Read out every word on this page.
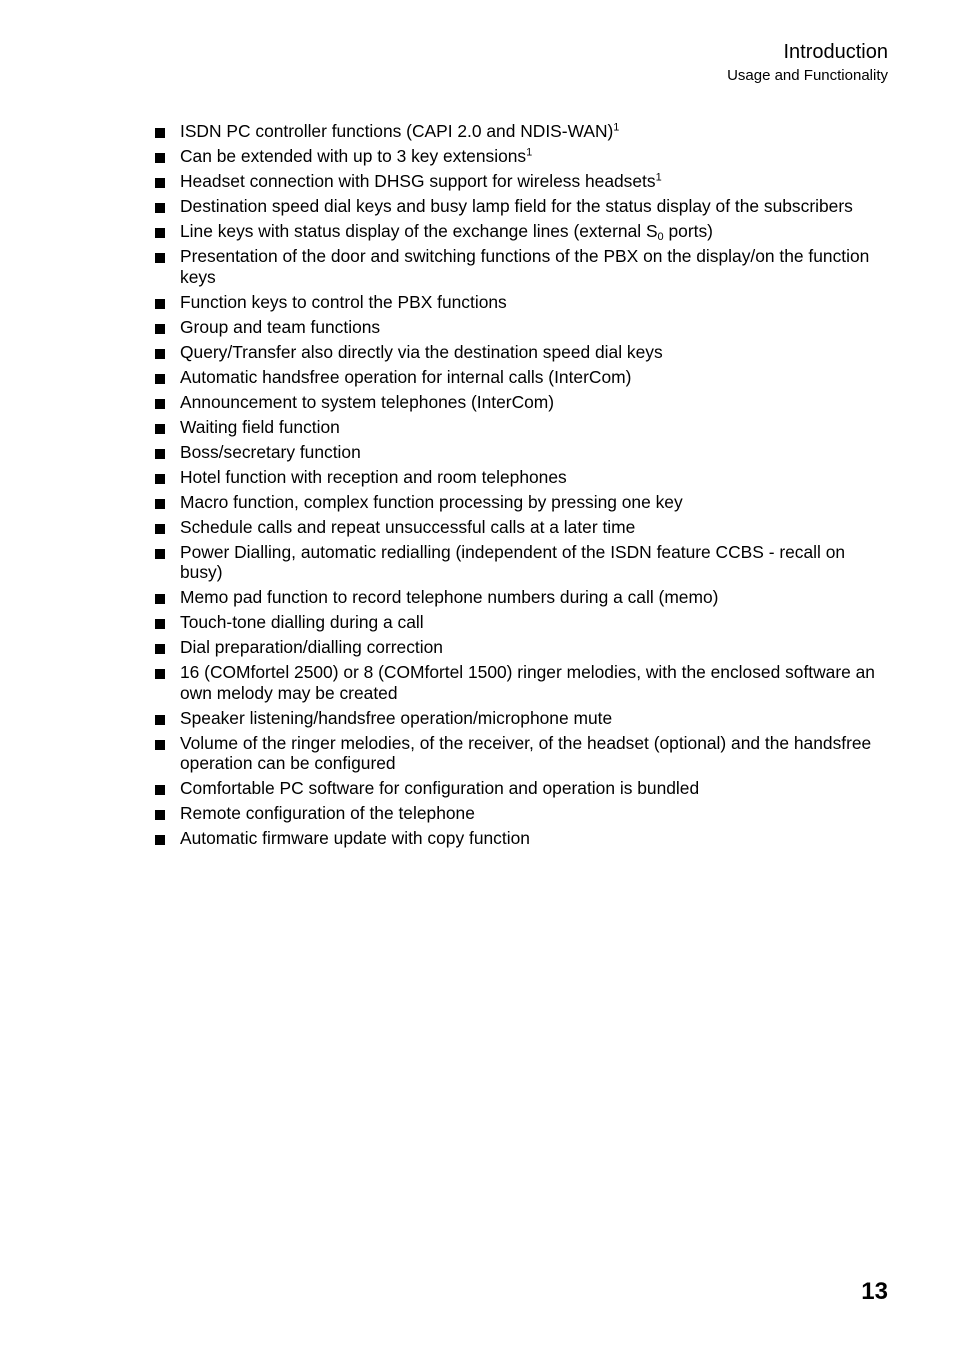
Introduction
Usage and Functionality
ISDN PC controller functions (CAPI 2.0 and NDIS-WAN)$^1$
Can be extended with up to 3 key extensions$^1$
Headset connection with DHSG support for wireless headsets$^1$
Destination speed dial keys and busy lamp field for the status display of the subscribers
Line keys with status display of the exchange lines (external $S_0$ ports)
Presentation of the door and switching functions of the PBX on the display/on the function keys
Function keys to control the PBX functions
Group and team functions
Query/Transfer also directly via the destination speed dial keys
Automatic handsfree operation for internal calls (InterCom)
Announcement to system telephones (InterCom)
Waiting field function
Boss/secretary function
Hotel function with reception and room telephones
Macro function, complex function processing by pressing one key
Schedule calls and repeat unsuccessful calls at a later time
Power Dialling, automatic redialling (independent of the ISDN feature CCBS - recall on busy)
Memo pad function to record telephone numbers during a call (memo)
Touch-tone dialling during a call
Dial preparation/dialling correction
16 (COMfortel 2500) or 8 (COMfortel 1500) ringer melodies, with the enclosed software an own melody may be created
Speaker listening/handsfree operation/microphone mute
Volume of the ringer melodies, of the receiver, of the headset (optional) and the handsfree operation can be configured
Comfortable PC software for configuration and operation is bundled
Remote configuration of the telephone
Automatic firmware update with copy function
13
